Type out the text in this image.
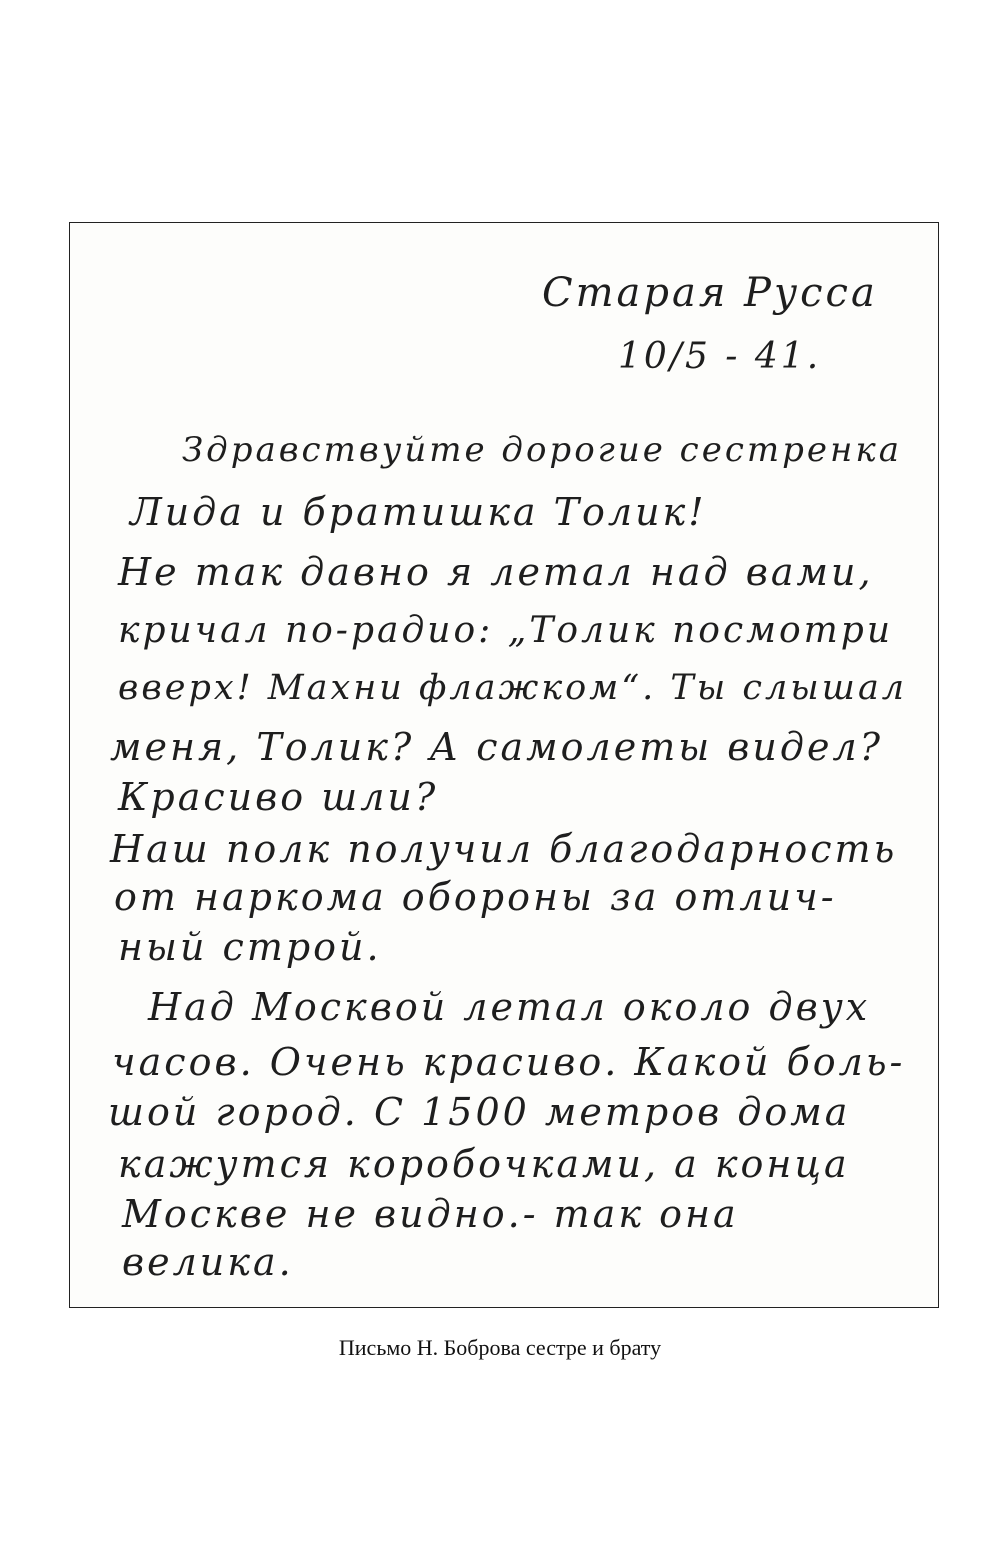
Старая Русса
10/5 - 41.
Здравствуйте дорогие сестренка
Лида и братишка Толик!
Не так давно я летал над вами,
кричал по-радио: „Толик посмотри
вверх! Махни флажком“. Ты слышал
меня, Толик? А самолеты видел?
Красиво шли?
Наш полк получил благодарность
от наркома обороны за отлич-
ный строй.
Над Москвой летал около двух
часов. Очень красиво. Какой боль-
шой город. С 1500 метров дома
кажутся коробочками, а конца
Москве не видно.- так она
велика.
Письмо Н. Боброва сестре и брату
